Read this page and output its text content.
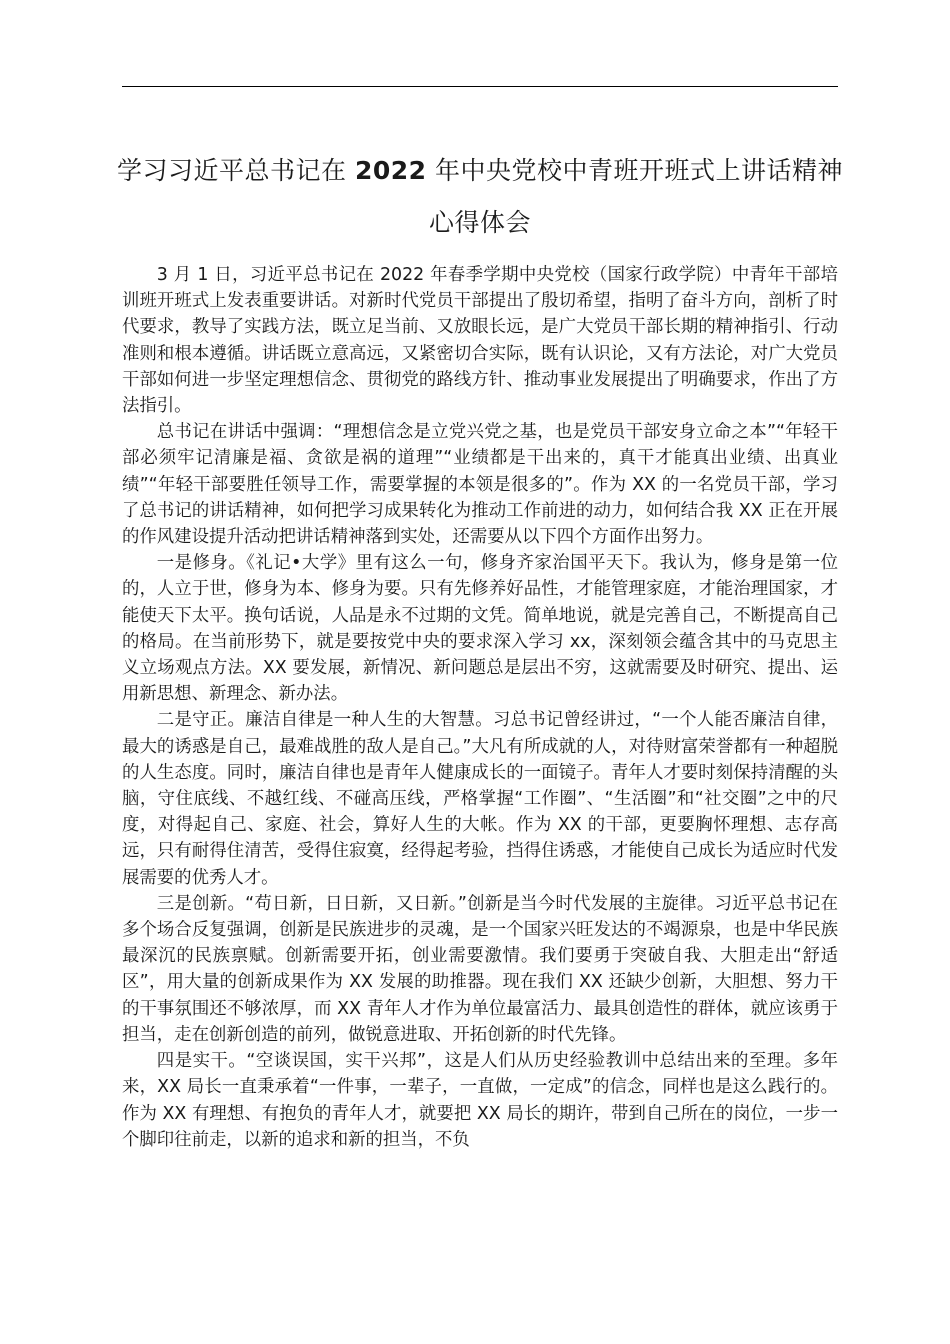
学习习近平总书记在 2022 年中央党校中青班开班式上讲话精神心得体会

3 月 1 日，习近平总书记在 2022 年春季学期中央党校（国家行政学院）中青年干部培训班开班式上发表重要讲话。对新时代党员干部提出了殷切希望，指明了奋斗方向，剖析了时代要求，教导了实践方法，既立足当前、又放眼长远，是广大党员干部长期的精神指引、行动准则和根本遵循。讲话既立意高远，又紧密切合实际，既有认识论，又有方法论，对广大党员干部如何进一步坚定理想信念、贯彻党的路线方针、推动事业发展提出了明确要求，作出了方法指引。

总书记在讲话中强调：“理想信念是立党兴党之基，也是党员干部安身立命之本”“年轻干部必须牢记清廉是福、贪欲是祸的道理”“业绩都是干出来的，真干才能真出业绩、出真业绩”“年轻干部要胜任领导工作，需要掌握的本领是很多的”。作为 XX 的一名党员干部，学习了总书记的讲话精神，如何把学习成果转化为推动工作前进的动力，如何结合我 XX 正在开展的作风建设提升活动把讲话精神落到实处，还需要从以下四个方面作出努力。

一是修身。《礼记•大学》里有这么一句，修身齐家治国平天下。我认为，修身是第一位的，人立于世，修身为本、修身为要。只有先修养好品性，才能管理家庭，才能治理国家，才能使天下太平。换句话说，人品是永不过期的文凭。简单地说，就是完善自己，不断提高自己的格局。在当前形势下，就是要按党中央的要求深入学习 xx，深刻领会蕴含其中的马克思主义立场观点方法。XX 要发展，新情况、新问题总是层出不穷，这就需要及时研究、提出、运用新思想、新理念、新办法。

二是守正。廉洁自律是一种人生的大智慧。习总书记曾经讲过，“一个人能否廉洁自律，最大的诱惑是自己，最难战胜的敌人是自己。”大凡有所成就的人，对待财富荣誉都有一种超脱的人生态度。同时，廉洁自律也是青年人健康成长的一面镜子。青年人才要时刻保持清醒的头脑，守住底线、不越红线、不碰高压线，严格掌握“工作圈”、“生活圈”和“社交圈”之中的尺度，对得起自己、家庭、社会，算好人生的大帐。作为 XX 的干部，更要胸怀理想、志存高远，只有耐得住清苦，受得住寂寞，经得起考验，挡得住诱惑，才能使自己成长为适应时代发展需要的优秀人才。

三是创新。“苟日新，日日新，又日新。”创新是当今时代发展的主旋律。习近平总书记在多个场合反复强调，创新是民族进步的灵魂，是一个国家兴旺发达的不竭源泉，也是中华民族最深沉的民族禀赋。创新需要开拓，创业需要激情。我们要勇于突破自我、大胆走出“舒适区”，用大量的创新成果作为 XX 发展的助推器。现在我们 XX 还缺少创新，大胆想、努力干的干事氛围还不够浓厚，而 XX 青年人才作为单位最富活力、最具创造性的群体，就应该勇于担当，走在创新创造的前列，做锐意进取、开拓创新的时代先锋。

四是实干。“空谈误国，实干兴邦”，这是人们从历史经验教训中总结出来的至理。多年来，XX 局长一直秉承着“一件事，一辈子，一直做，一定成”的信念，同样也是这么践行的。作为 XX 有理想、有抱负的青年人才，就要把 XX 局长的期许，带到自己所在的岗位，一步一个脚印往前走，以新的追求和新的担当，不负
